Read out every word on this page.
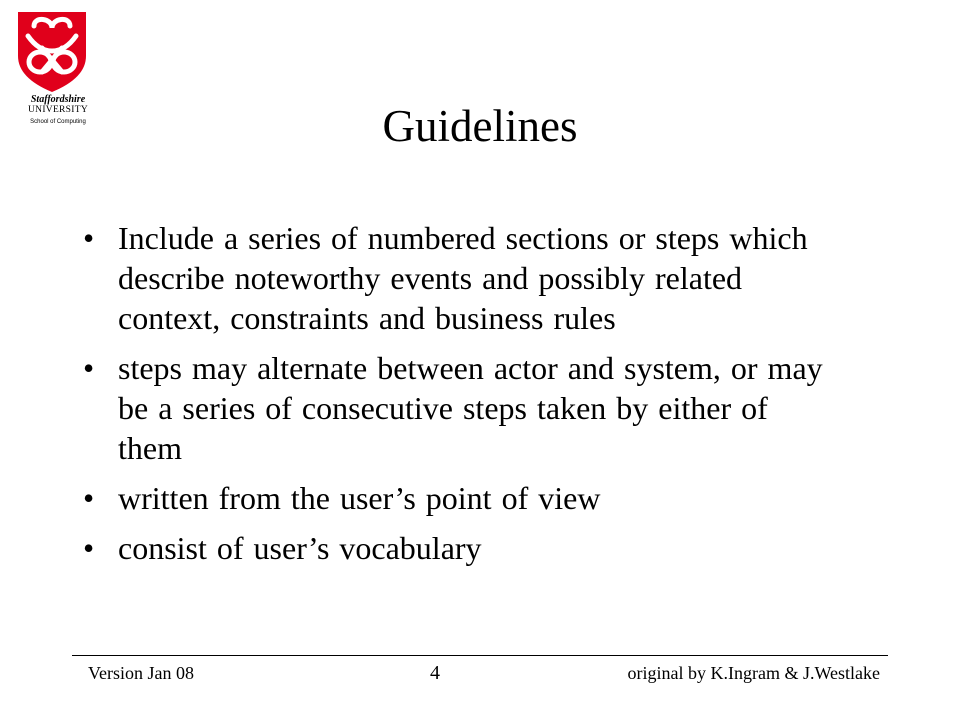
Staffordshire
UNIVERSITY
School of Computing	Guidelines
• Include a series of numbered sections or steps which describe noteworthy events and possibly related context, constraints and business rules
• steps may alternate between actor and system, or may be a series of consecutive steps taken by either of them
• written from the user’s point of view
• consist of user’s vocabulary
Version Jan 08	4	original by K.Ingram & J.Westlake
